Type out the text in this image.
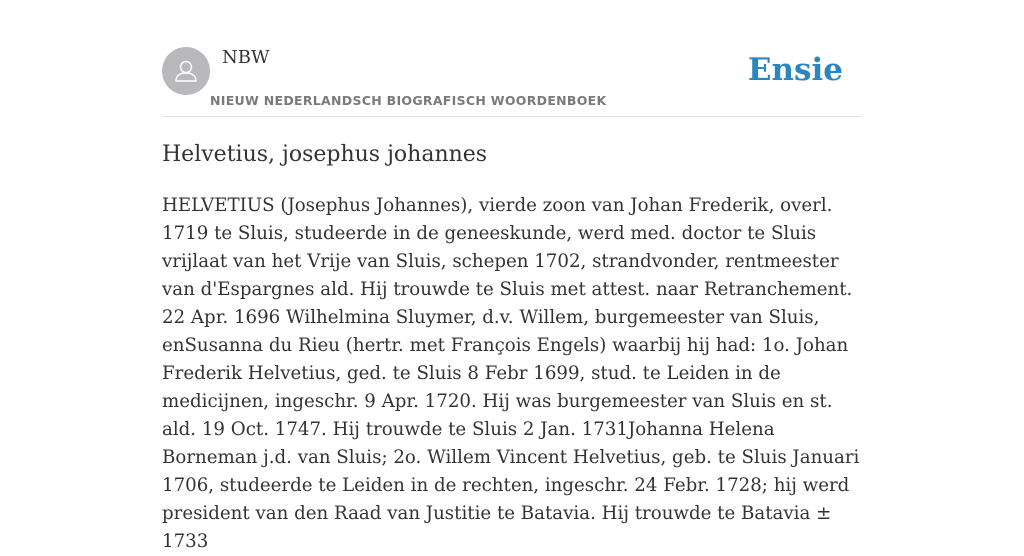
NBW
NIEUW NEDERLANDSCH BIOGRAFISCH WOORDENBOEK
Ensie
Helvetius, josephus johannes

HELVETIUS (Josephus Johannes), vierde zoon van Johan Frederik, overl. 1719 te Sluis, studeerde in de geneeskunde, werd med. doctor te Sluis vrijlaat van het Vrije van Sluis, schepen 1702, strandvonder, rentmeester van d'Espargnes ald. Hij trouwde te Sluis met attest. naar Retranchement. 22 Apr. 1696 Wilhelmina Sluymer, d.v. Willem, burgemeester van Sluis, enSusanna du Rieu (hertr. met François Engels) waarbij hij had: 1o. Johan Frederik Helvetius, ged. te Sluis 8 Febr 1699, stud. te Leiden in de medicijnen, ingeschr. 9 Apr. 1720. Hij was burgemeester van Sluis en st. ald. 19 Oct. 1747. Hij trouwde te Sluis 2 Jan. 1731Johanna Helena Borneman j.d. van Sluis; 2o. Willem Vincent Helvetius, geb. te Sluis Januari 1706, studeerde te Leiden in de rechten, ingeschr. 24 Febr. 1728; hij werd president van den Raad van Justitie te Batavia. Hij trouwde te Batavia ± 1733
